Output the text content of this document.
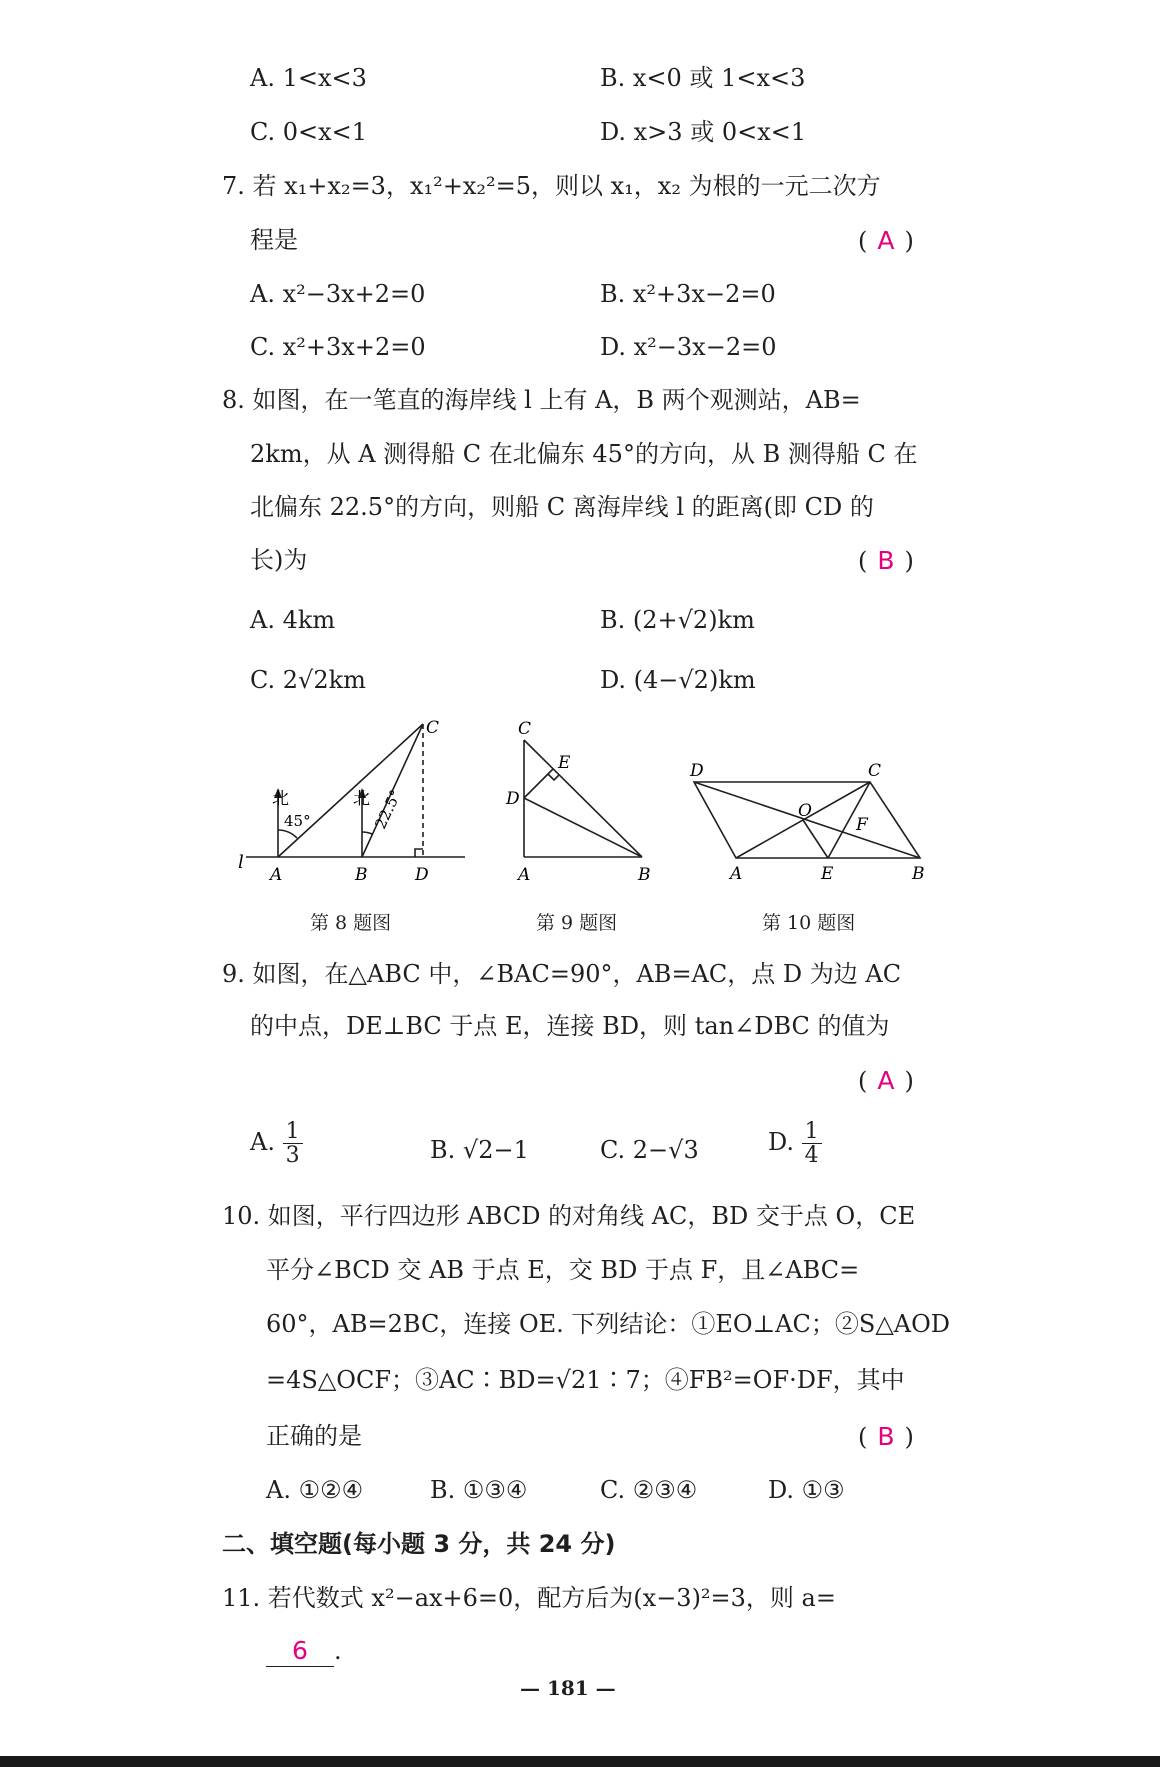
A. 1<x<3	B. x<0 或 1<x<3
C. 0<x<1	D. x>3 或 0<x<1
7. 若 x₁+x₂=3，x₁²+x₂²=5，则以 x₁，x₂ 为根的一元二次方
程是	( A )
A. x²−3x+2=0	B. x²+3x−2=0
C. x²+3x+2=0	D. x²−3x−2=0
8. 如图，在一笔直的海岸线 l 上有 A，B 两个观测站，AB=
2km，从 A 测得船 C 在北偏东 45°的方向，从 B 测得船 C 在
北偏东 22.5°的方向，则船 C 离海岸线 l 的距离(即 CD 的
长)为	( B )
A. 4km	B. (2+√2)km
C. 2√2km	D. (4−√2)km
l
A	B	D
C
北	北
45°	22.5°
第 8 题图
C
E
D
A	B
第 9 题图
D	C
O
F
A	E	B
第 10 题图
9. 如图，在△ABC 中，∠BAC=90°，AB=AC，点 D 为边 AC
的中点，DE⊥BC 于点 E，连接 BD，则 tan∠DBC 的值为
( A )
A. $\frac{1}{3}$	B. √2−1	C. 2−√3	D. $\frac{1}{4}$
10. 如图，平行四边形 ABCD 的对角线 AC，BD 交于点 O，CE
平分∠BCD 交 AB 于点 E，交 BD 于点 F，且∠ABC=
60°，AB=2BC，连接 OE. 下列结论：①EO⊥AC；②S△AOD
=4S△OCF；③AC∶BD=√21∶7；④FB²=OF·DF，其中
正确的是	( B )
A. ①②④	B. ①③④	C. ②③④	D. ①③
二、填空题(每小题 3 分，共 24 分)
11. 若代数式 x²−ax+6=0，配方后为(x−3)²=3，则 a=
6 .
— 181 —
